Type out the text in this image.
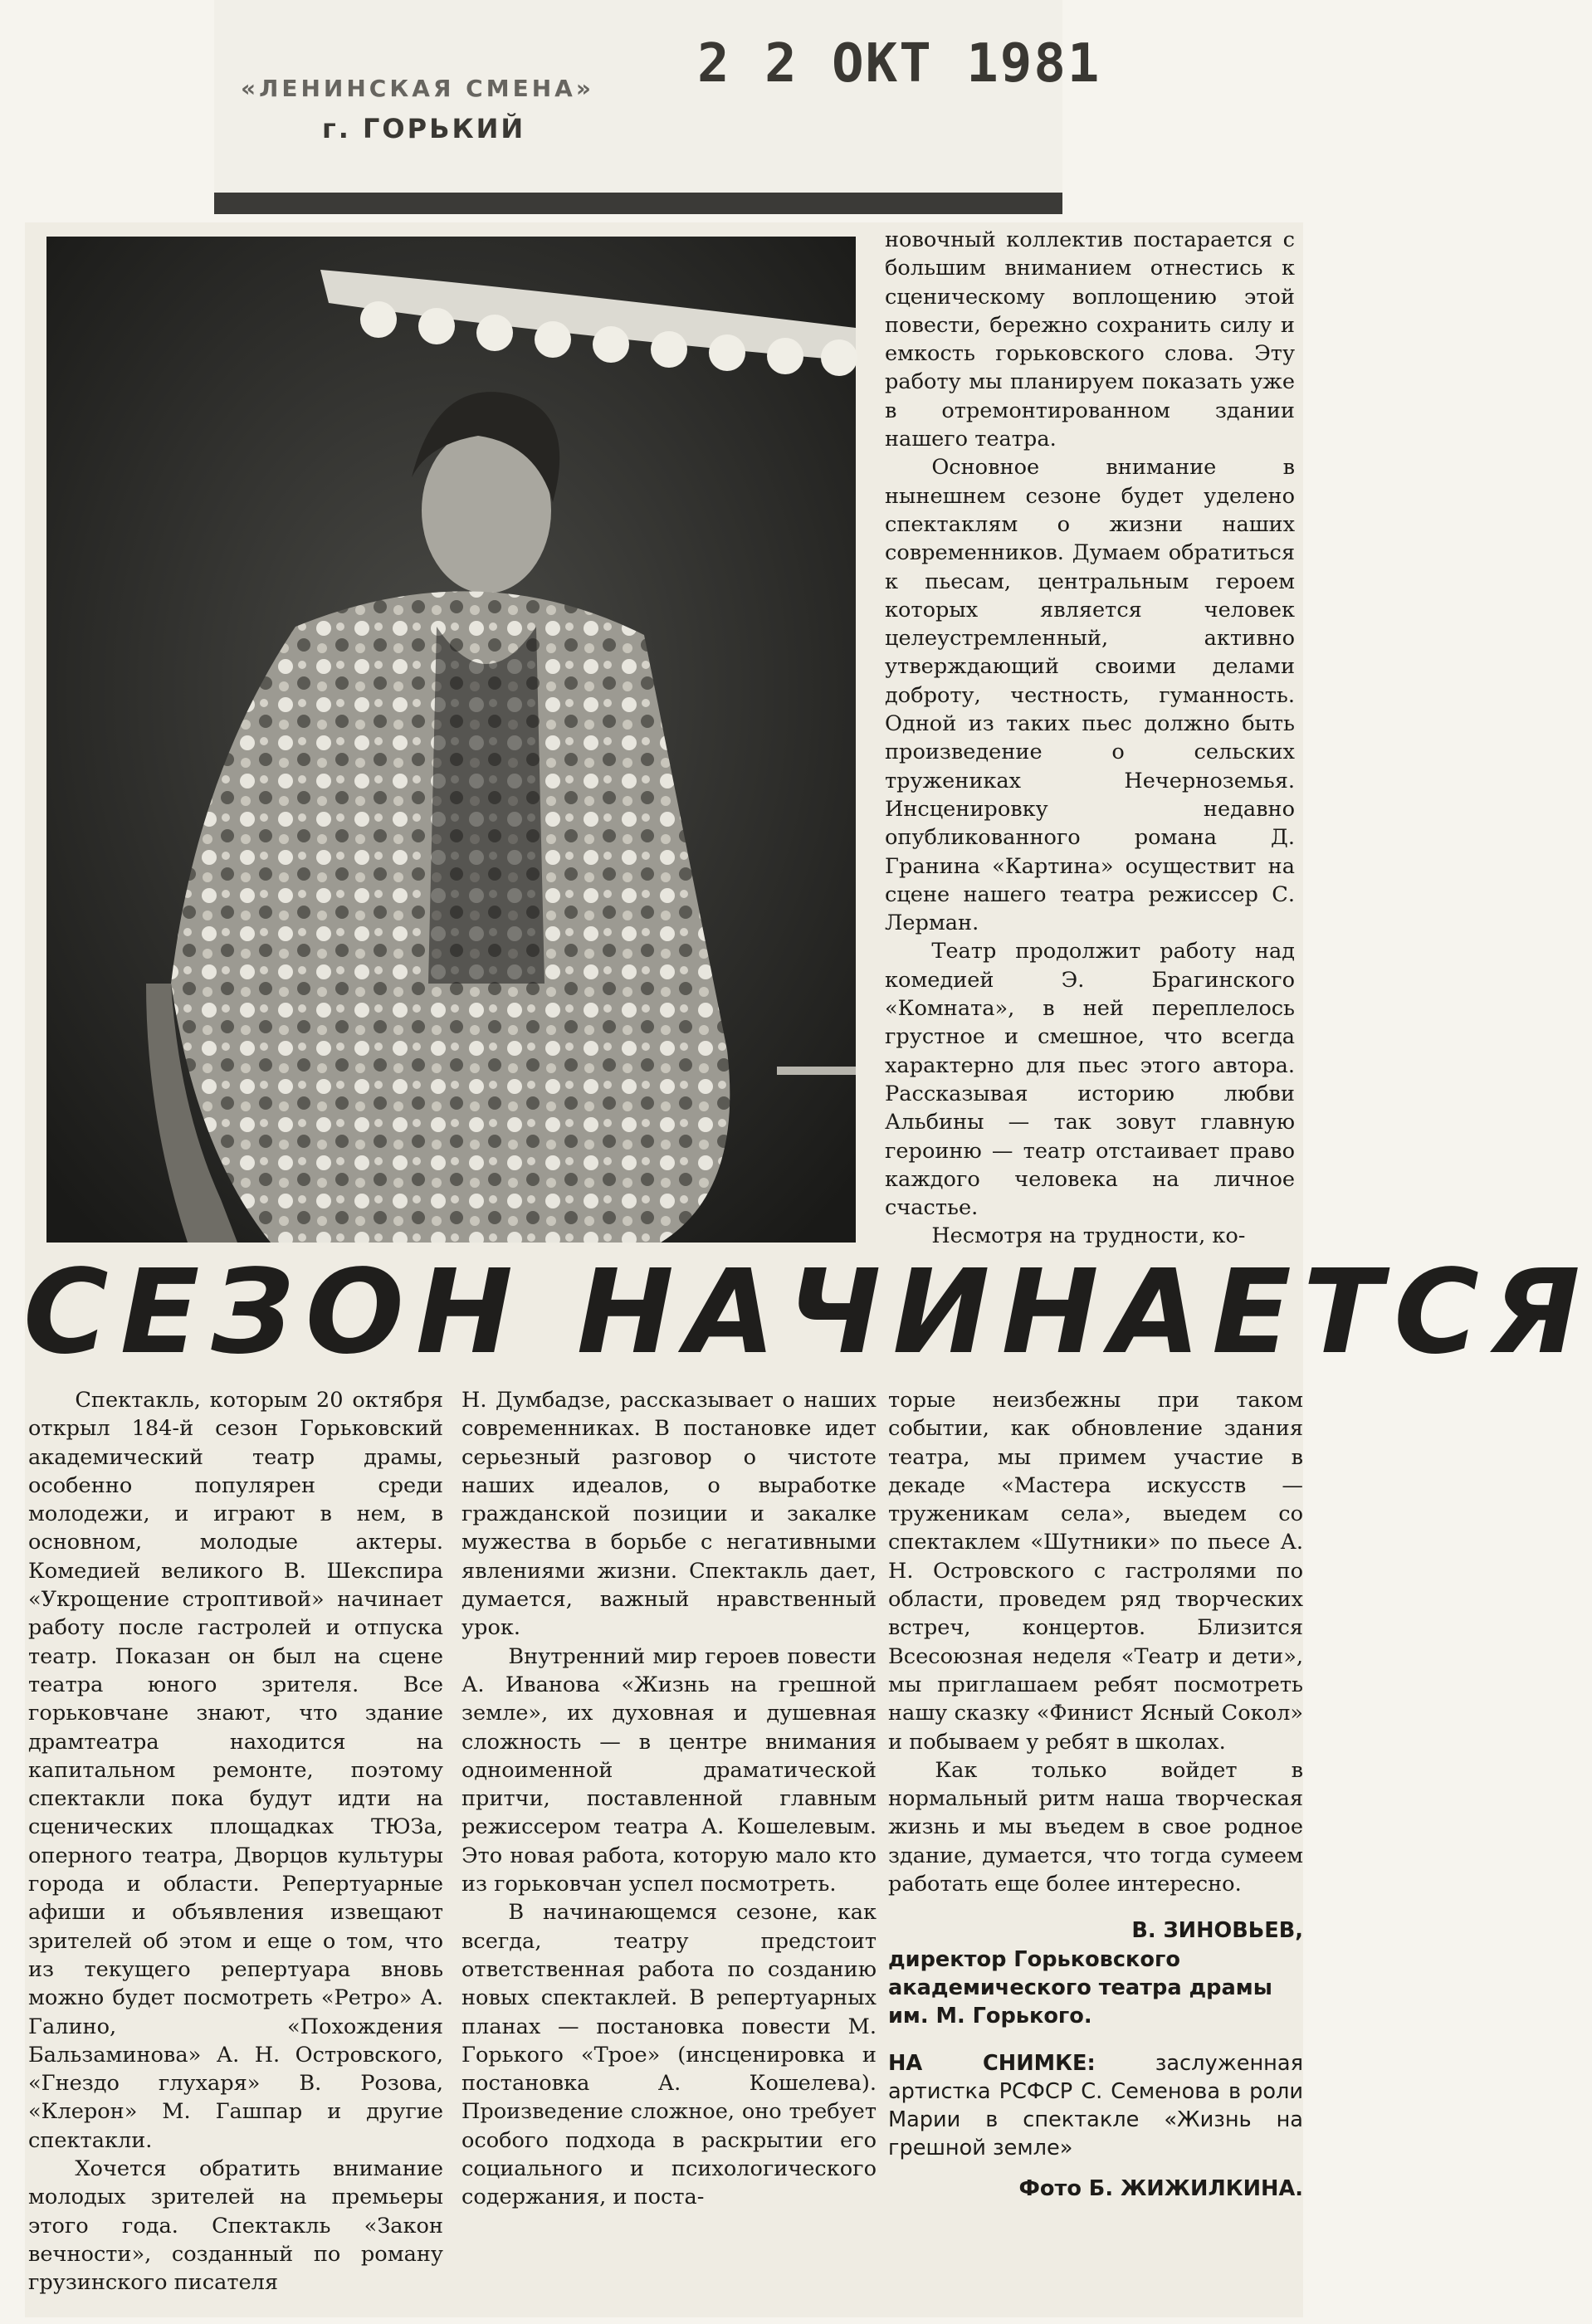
«ЛЕНИНСКАЯ СМЕНА»
г. ГОРЬКИЙ
2 2 ОКТ 1981

новочный коллектив постарается с большим вниманием отнестись к сценическому воплощению этой повести, бережно сохранить силу и емкость горьковского слова. Эту работу мы планируем показать уже в отремонтированном здании нашего театра.

Основное внимание в нынешнем сезоне будет уделено спектаклям о жизни наших современников. Думаем обратиться к пьесам, центральным героем которых является человек целеустремленный, активно утверждающий своими делами доброту, честность, гуманность. Одной из таких пьес должно быть произведение о сельских тружениках Нечерноземья. Инсценировку недавно опубликованного романа Д. Гранина «Картина» осуществит на сцене нашего театра режиссер С. Лерман.

Театр продолжит работу над комедией Э. Брагинского «Комната», в ней переплелось грустное и смешное, что всегда характерно для пьес этого автора. Рассказывая историю любви Альбины — так зовут главную героиню — театр отстаивает право каждого человека на личное счастье.

Несмотря на трудности, ко-

СЕЗОН НАЧИНАЕТСЯ

Спектакль, которым 20 октября открыл 184-й сезон Горьковский академический театр драмы, особенно популярен среди молодежи, и играют в нем, в основном, молодые актеры. Комедией великого В. Шекспира «Укрощение строптивой» начинает работу после гастролей и отпуска театр. Показан он был на сцене театра юного зрителя. Все горьковчане знают, что здание драмтеатра находится на капитальном ремонте, поэтому спектакли пока будут идти на сценических площадках ТЮЗа, оперного театра, Дворцов культуры города и области. Репертуарные афиши и объявления извещают зрителей об этом и еще о том, что из текущего репертуара вновь можно будет посмотреть «Ретро» А. Галино, «Похождения Бальзаминова» А. Н. Островского, «Гнездо глухаря» В. Розова, «Клерон» М. Гашпар и другие спектакли.

Хочется обратить внимание молодых зрителей на премьеры этого года. Спектакль «Закон вечности», созданный по роману грузинского писателя

Н. Думбадзе, рассказывает о наших современниках. В постановке идет серьезный разговор о чистоте наших идеалов, о выработке гражданской позиции и закалке мужества в борьбе с негативными явлениями жизни. Спектакль дает, думается, важный нравственный урок.

Внутренний мир героев повести А. Иванова «Жизнь на грешной земле», их духовная и душевная сложность — в центре внимания одноименной драматической притчи, поставленной главным режиссером театра А. Кошелевым. Это новая работа, которую мало кто из горьковчан успел посмотреть.

В начинающемся сезоне, как всегда, театру предстоит ответственная работа по созданию новых спектаклей. В репертуарных планах — постановка повести М. Горького «Трое» (инсценировка и постановка А. Кошелева). Произведение сложное, оно требует особого подхода в раскрытии его социального и психологического содержания, и поста-

торые неизбежны при таком событии, как обновление здания театра, мы примем участие в декаде «Мастера искусств — труженикам села», выедем со спектаклем «Шутники» по пьесе А. Н. Островского с гастролями по области, проведем ряд творческих встреч, концертов. Близится Всесоюзная неделя «Театр и дети», мы приглашаем ребят посмотреть нашу сказку «Финист Ясный Сокол» и побываем у ребят в школах.

Как только войдет в нормальный ритм наша творческая жизнь и мы въедем в свое родное здание, думается, что тогда сумеем работать еще более интересно.

В. ЗИНОВЬЕВ,

директор Горьковского академического театра драмы им. М. Горького.

НА СНИМКЕ:	заслуженная артистка РСФСР С. Семенова в роли Марии в спектакле «Жизнь на грешной земле»

Фото Б. ЖИЖИЛКИНА.
